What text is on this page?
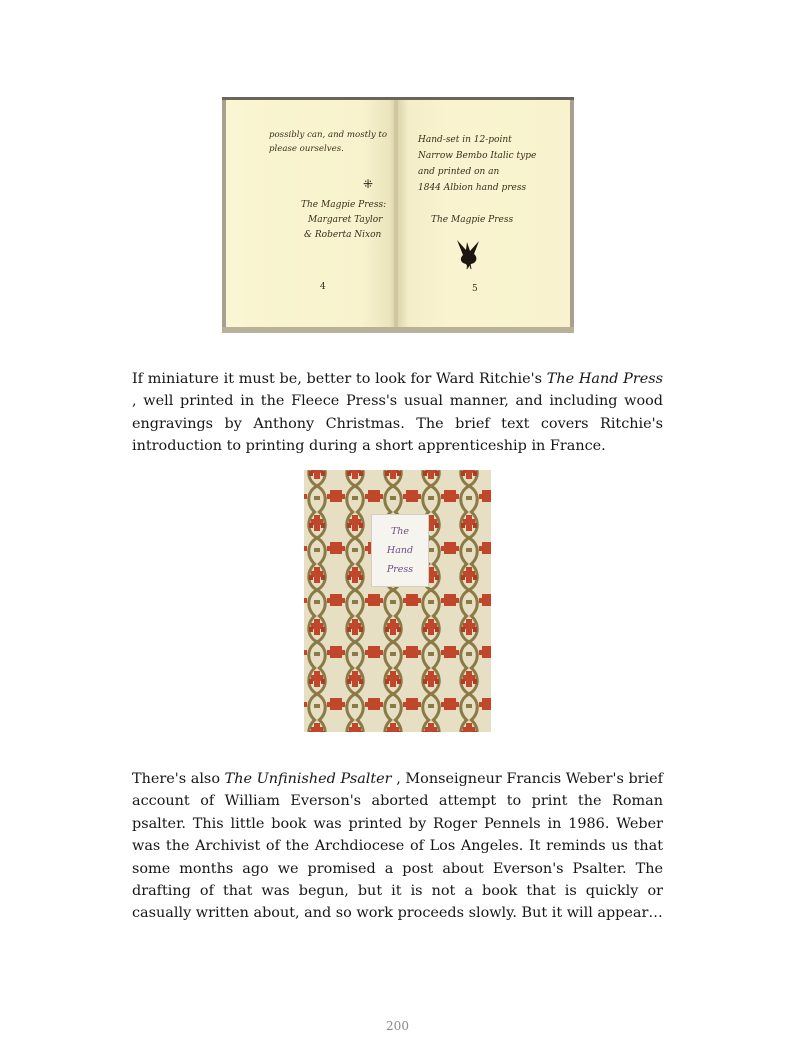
possibly can, and mostly to
please ourselves.
⁜
The Magpie Press:
Margaret Taylor
& Roberta Nixon
4
Hand-set in 12-point
Narrow Bembo Italic type
and printed on an
1844 Albion hand press
The Magpie Press
5

If miniature it must be, better to look for Ward Ritchie's The Hand Press , well printed in the Fleece Press's usual manner, and including wood engravings by Anthony Christmas. The brief text covers Ritchie's introduction to printing during a short apprenticeship in France.

The
Hand
Press

There's also The Unfinished Psalter , Monseigneur Francis Weber's brief account of William Everson's aborted attempt to print the Roman psalter. This little book was printed by Roger Pennels in 1986. Weber was the Archivist of the Archdiocese of Los Angeles. It reminds us that some months ago we promised a post about Everson's Psalter. The drafting of that was begun, but it is not a book that is quickly or casually written about, and so work proceeds slowly. But it will appear…

200
